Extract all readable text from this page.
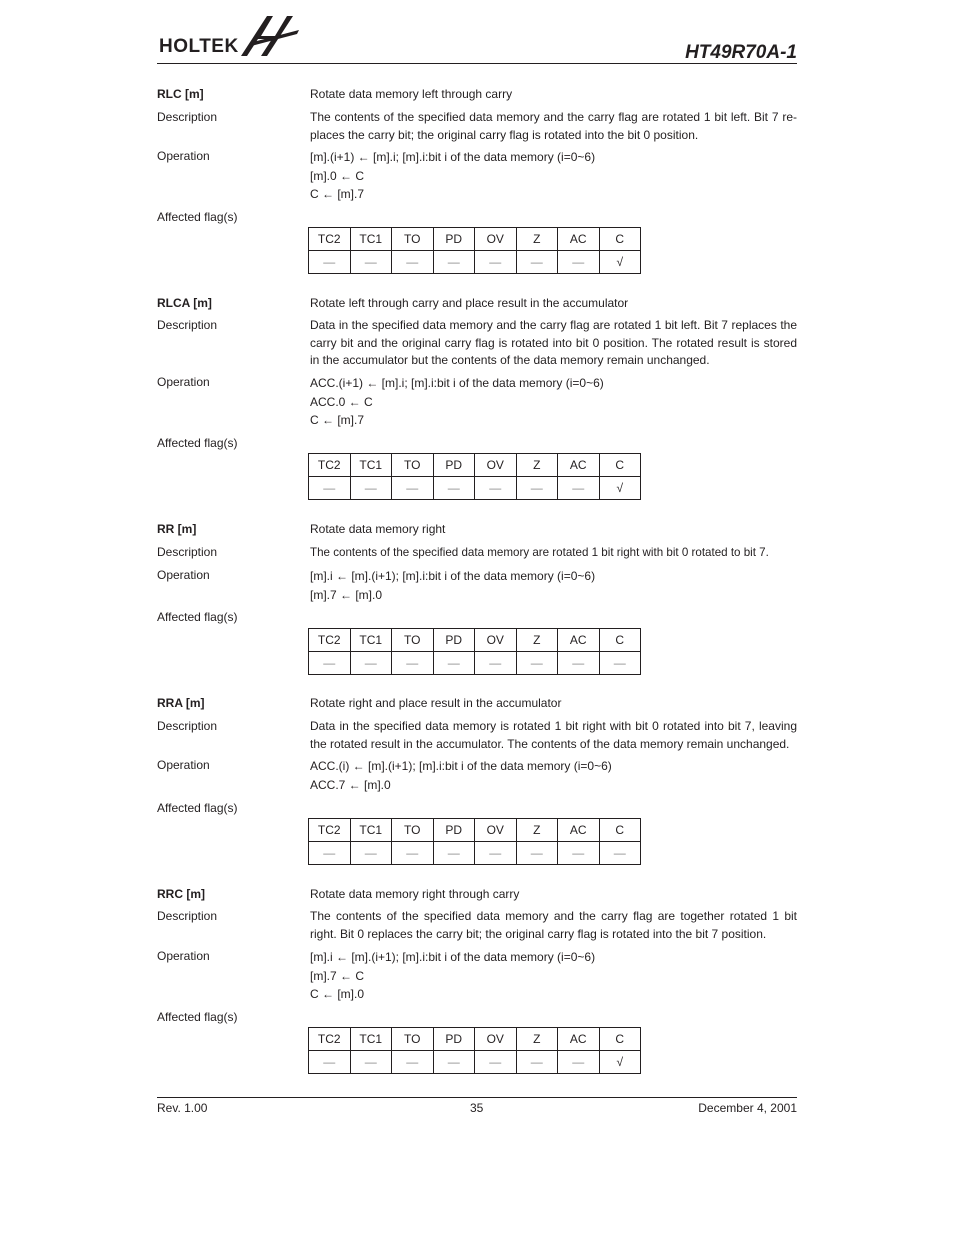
HOLTEK	HT49R70A-1
RLC [m]	Rotate data memory left through carry
Description	The contents of the specified data memory and the carry flag are rotated 1 bit left. Bit 7 re-places the carry bit; the original carry flag is rotated into the bit 0 position.
Operation	[m].(i+1) ← [m].i; [m].i:bit i of the data memory (i=0~6)
[m].0 ← C
C ← [m].7
Affected flag(s)
TC2	TC1	TO	PD	OV	Z	AC	C
—	—	—	—	—	—	—	√
RLCA [m]	Rotate left through carry and place result in the accumulator
Description	Data in the specified data memory and the carry flag are rotated 1 bit left. Bit 7 replaces the carry bit and the original carry flag is rotated into bit 0 position. The rotated result is stored in the accumulator but the contents of the data memory remain unchanged.
Operation	ACC.(i+1) ← [m].i; [m].i:bit i of the data memory (i=0~6)
ACC.0 ← C
C ← [m].7
Affected flag(s)
TC2	TC1	TO	PD	OV	Z	AC	C
—	—	—	—	—	—	—	√
RR [m]	Rotate data memory right
Description	The contents of the specified data memory are rotated 1 bit right with bit 0 rotated to bit 7.
Operation	[m].i ← [m].(i+1); [m].i:bit i of the data memory (i=0~6)
[m].7 ← [m].0
Affected flag(s)
TC2	TC1	TO	PD	OV	Z	AC	C
—	—	—	—	—	—	—	—
RRA [m]	Rotate right and place result in the accumulator
Description	Data in the specified data memory is rotated 1 bit right with bit 0 rotated into bit 7, leaving the rotated result in the accumulator. The contents of the data memory remain unchanged.
Operation	ACC.(i) ← [m].(i+1); [m].i:bit i of the data memory (i=0~6)
ACC.7 ← [m].0
Affected flag(s)
TC2	TC1	TO	PD	OV	Z	AC	C
—	—	—	—	—	—	—	—
RRC [m]	Rotate data memory right through carry
Description	The contents of the specified data memory and the carry flag are together rotated 1 bit right. Bit 0 replaces the carry bit; the original carry flag is rotated into the bit 7 position.
Operation	[m].i ← [m].(i+1); [m].i:bit i of the data memory (i=0~6)
[m].7 ← C
C ← [m].0
Affected flag(s)
TC2	TC1	TO	PD	OV	Z	AC	C
—	—	—	—	—	—	—	√
Rev. 1.00	35	December 4, 2001
